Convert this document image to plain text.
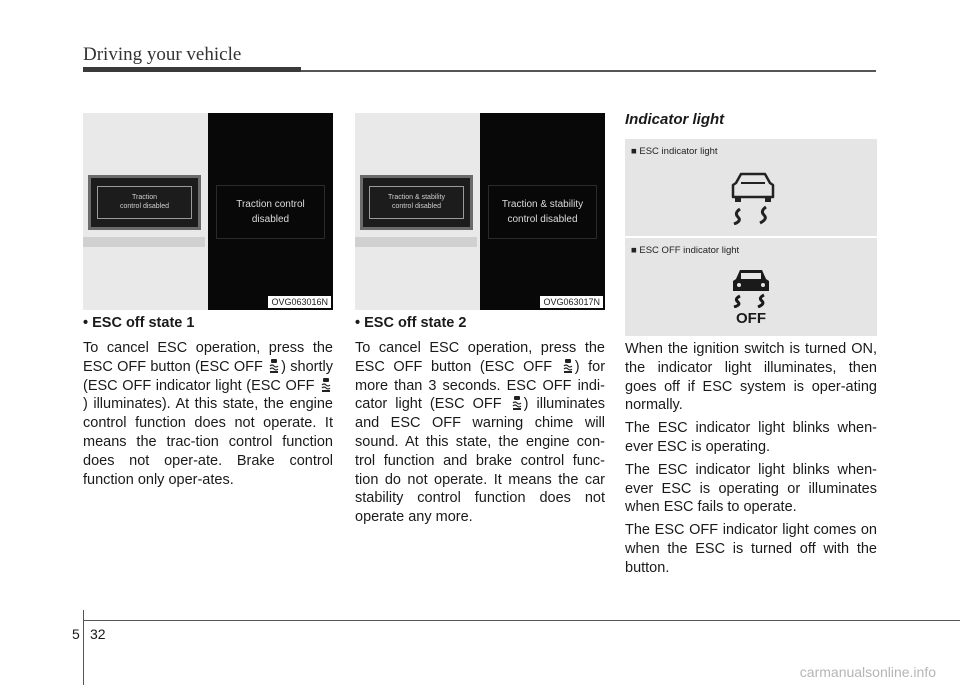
Driving your vehicle
Traction
control disabled	Traction control
disabled
OVG063016N
Traction & stability
control disabled	Traction & stability
control disabled
OVG063017N
• ESC off state 1
To cancel ESC operation, press the ESC OFF button (ESC OFF ) shortly (ESC OFF indicator light (ESC OFF ) illuminates). At this state, the engine control function does not operate. It means the trac-tion control function does not oper-ate. Brake control function only oper-ates.
• ESC off state 2
To cancel ESC operation, press the ESC OFF button (ESC OFF ) for more than 3 seconds. ESC OFF indi-cator light (ESC OFF ) illuminates and ESC OFF warning chime will sound. At this state, the engine con-trol function and brake control func-tion do not operate. It means the car stability control function does not operate any more.
Indicator light
■ ESC indicator light
■ ESC OFF indicator light
OFF
When the ignition switch is turned ON, the indicator light illuminates, then goes off if ESC system is oper-ating normally.
The ESC indicator light blinks when-ever ESC is operating.
The ESC indicator light blinks when-ever ESC is operating or illuminates when ESC fails to operate.
The ESC OFF indicator light comes on when the ESC is turned off with the button.
5 32
carmanualsonline.info
